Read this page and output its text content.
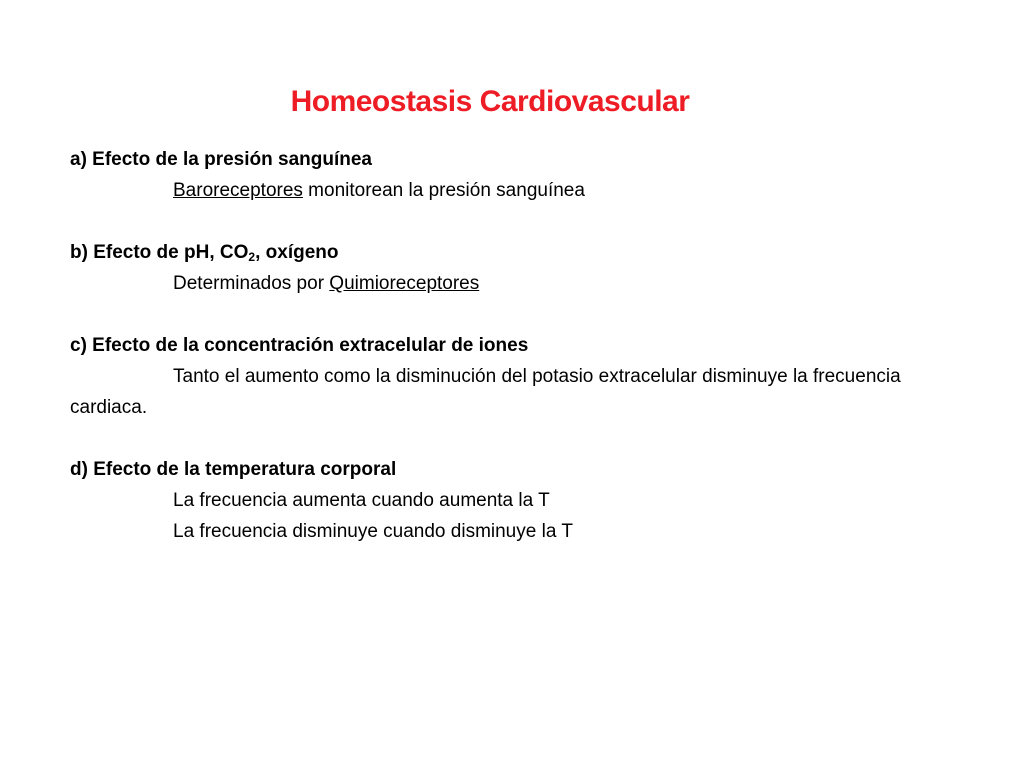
Homeostasis Cardiovascular
a) Efecto de la presión sanguínea
Baroreceptores monitorean la presión sanguínea
b) Efecto de pH, $CO_2$, oxígeno
Determinados por Quimioreceptores
c) Efecto de la concentración extracelular de iones
Tanto el aumento como la disminución del potasio extracelular disminuye la frecuencia cardiaca.
d) Efecto de la temperatura corporal
La frecuencia aumenta cuando aumenta la T
La frecuencia disminuye cuando disminuye la T
